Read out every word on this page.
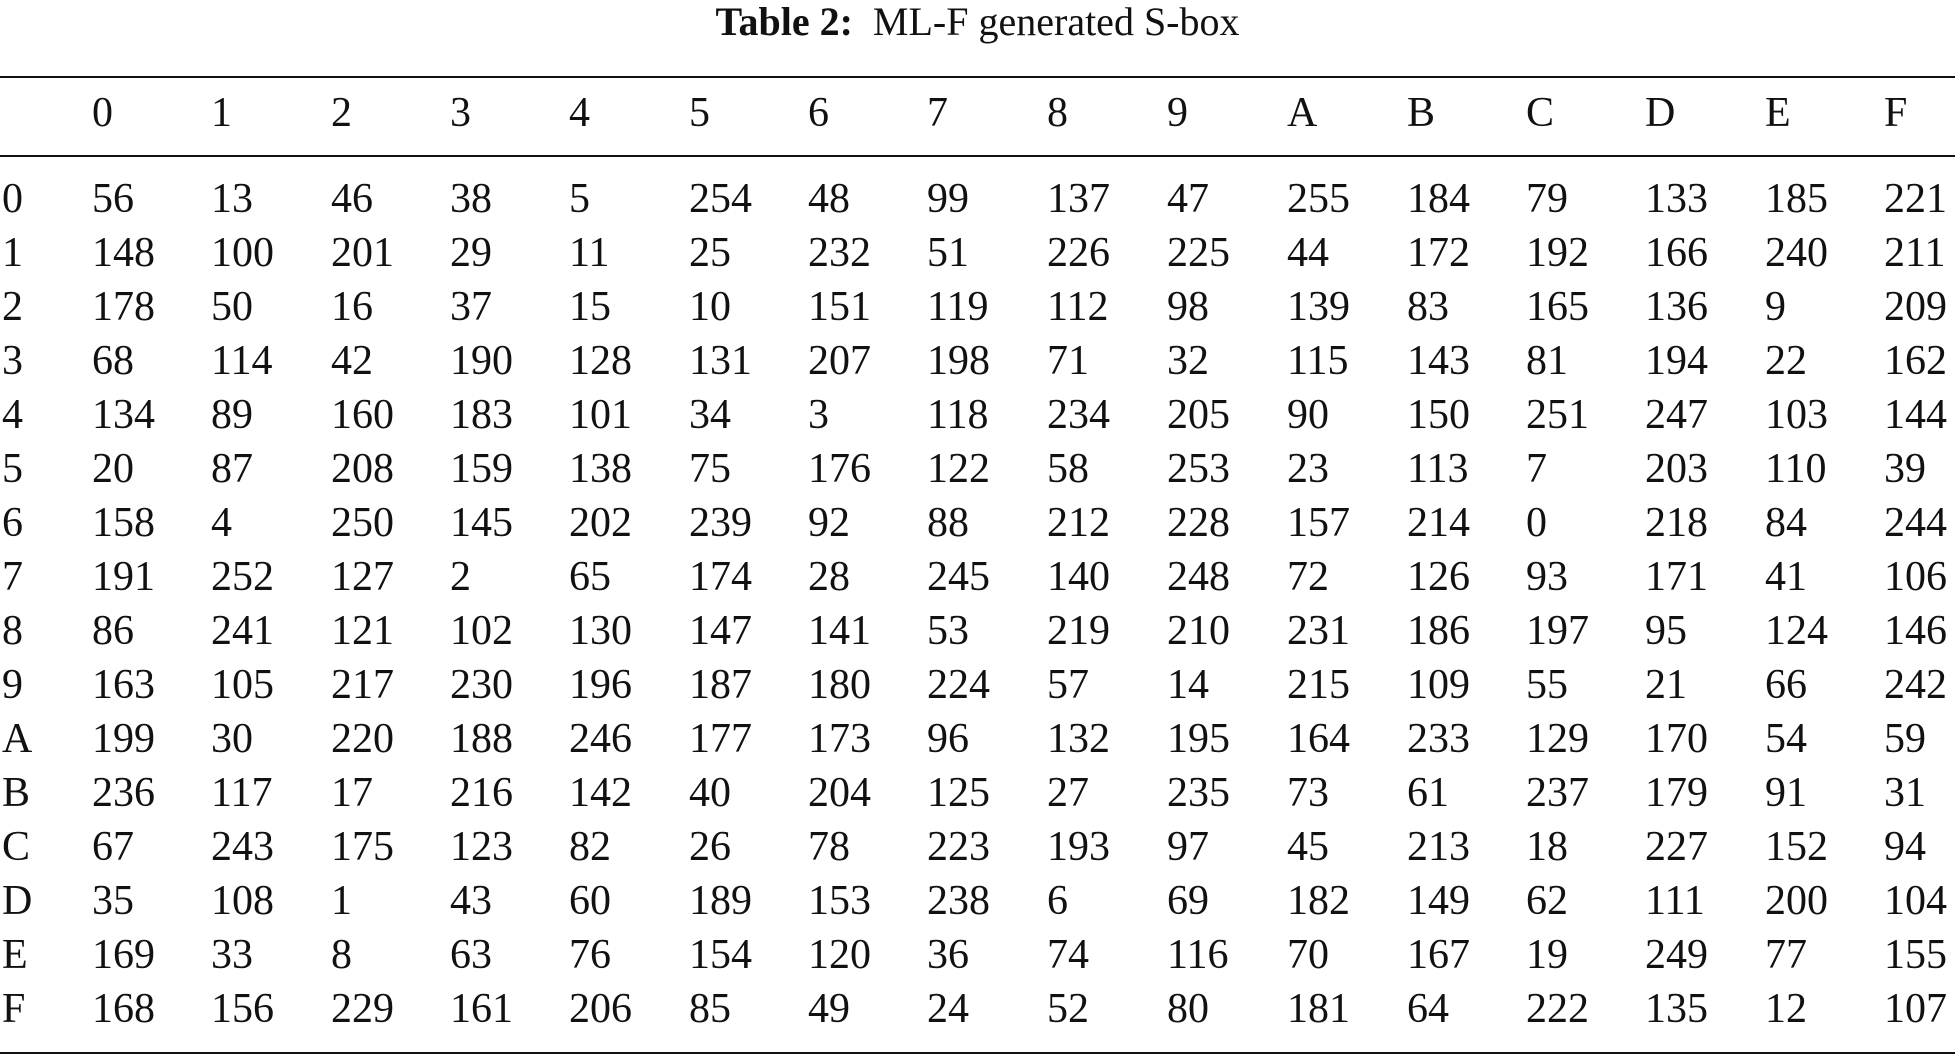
Table 2: ML-F generated S-box
0 1 2 3 4 5 6 7 8 9 A B C D E F
0 56 13 46 38 5 254 48 99 137 47 255 184 79 133 185 221
1 148 100 201 29 11 25 232 51 226 225 44 172 192 166 240 211
2 178 50 16 37 15 10 151 119 112 98 139 83 165 136 9 209
3 68 114 42 190 128 131 207 198 71 32 115 143 81 194 22 162
4 134 89 160 183 101 34 3 118 234 205 90 150 251 247 103 144
5 20 87 208 159 138 75 176 122 58 253 23 113 7 203 110 39
6 158 4 250 145 202 239 92 88 212 228 157 214 0 218 84 244
7 191 252 127 2 65 174 28 245 140 248 72 126 93 171 41 106
8 86 241 121 102 130 147 141 53 219 210 231 186 197 95 124 146
9 163 105 217 230 196 187 180 224 57 14 215 109 55 21 66 242
A 199 30 220 188 246 177 173 96 132 195 164 233 129 170 54 59
B 236 117 17 216 142 40 204 125 27 235 73 61 237 179 91 31
C 67 243 175 123 82 26 78 223 193 97 45 213 18 227 152 94
D 35 108 1 43 60 189 153 238 6 69 182 149 62 111 200 104
E 169 33 8 63 76 154 120 36 74 116 70 167 19 249 77 155
F 168 156 229 161 206 85 49 24 52 80 181 64 222 135 12 107
